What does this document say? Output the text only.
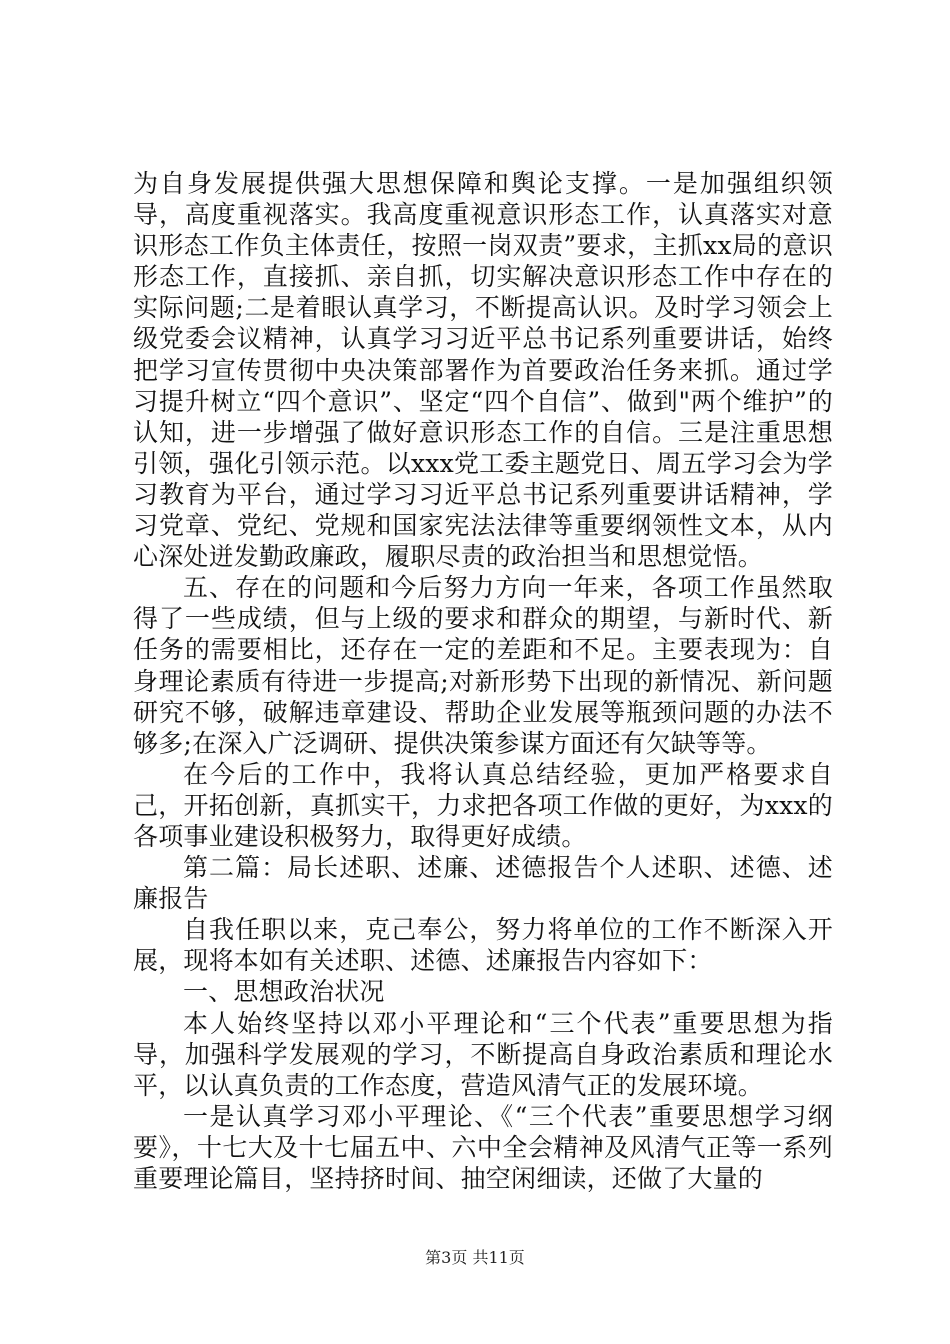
为自身发展提供强大思想保障和舆论支撑。一是加强组织领导，高度重视落实。我高度重视意识形态工作，认真落实对意识形态工作负主体责任，按照一岗双责”要求，主抓xx局的意识形态工作，直接抓、亲自抓，切实解决意识形态工作中存在的实际问题;二是着眼认真学习，不断提高认识。及时学习领会上级党委会议精神，认真学习习近平总书记系列重要讲话，始终把学习宣传贯彻中央决策部署作为首要政治任务来抓。通过学习提升树立“四个意识”、坚定“四个自信”、做到"两个维护”的认知，进一步增强了做好意识形态工作的自信。三是注重思想引领，强化引领示范。以xxx党工委主题党日、周五学习会为学习教育为平台，通过学习习近平总书记系列重要讲话精神，学习党章、党纪、党规和国家宪法法律等重要纲领性文本，从内心深处迸发勤政廉政，履职尽责的政治担当和思想觉悟。

五、存在的问题和今后努力方向一年来，各项工作虽然取得了一些成绩，但与上级的要求和群众的期望，与新时代、新任务的需要相比，还存在一定的差距和不足。主要表现为：自身理论素质有待进一步提高;对新形势下出现的新情况、新问题研究不够，破解违章建设、帮助企业发展等瓶颈问题的办法不够多;在深入广泛调研、提供决策参谋方面还有欠缺等等。

在今后的工作中，我将认真总结经验，更加严格要求自己，开拓创新，真抓实干，力求把各项工作做的更好，为xxx的各项事业建设积极努力，取得更好成绩。

第二篇：局长述职、述廉、述德报告个人述职、述德、述廉报告

自我任职以来，克己奉公，努力将单位的工作不断深入开展，现将本如有关述职、述德、述廉报告内容如下：

一、思想政治状况

本人始终坚持以邓小平理论和“三个代表”重要思想为指导，加强科学发展观的学习，不断提高自身政治素质和理论水平，以认真负责的工作态度，营造风清气正的发展环境。

一是认真学习邓小平理论、《“三个代表”重要思想学习纲要》，十七大及十七届五中、六中全会精神及风清气正等一系列重要理论篇目，坚持挤时间、抽空闲细读，还做了大量的

第3页 共11页
